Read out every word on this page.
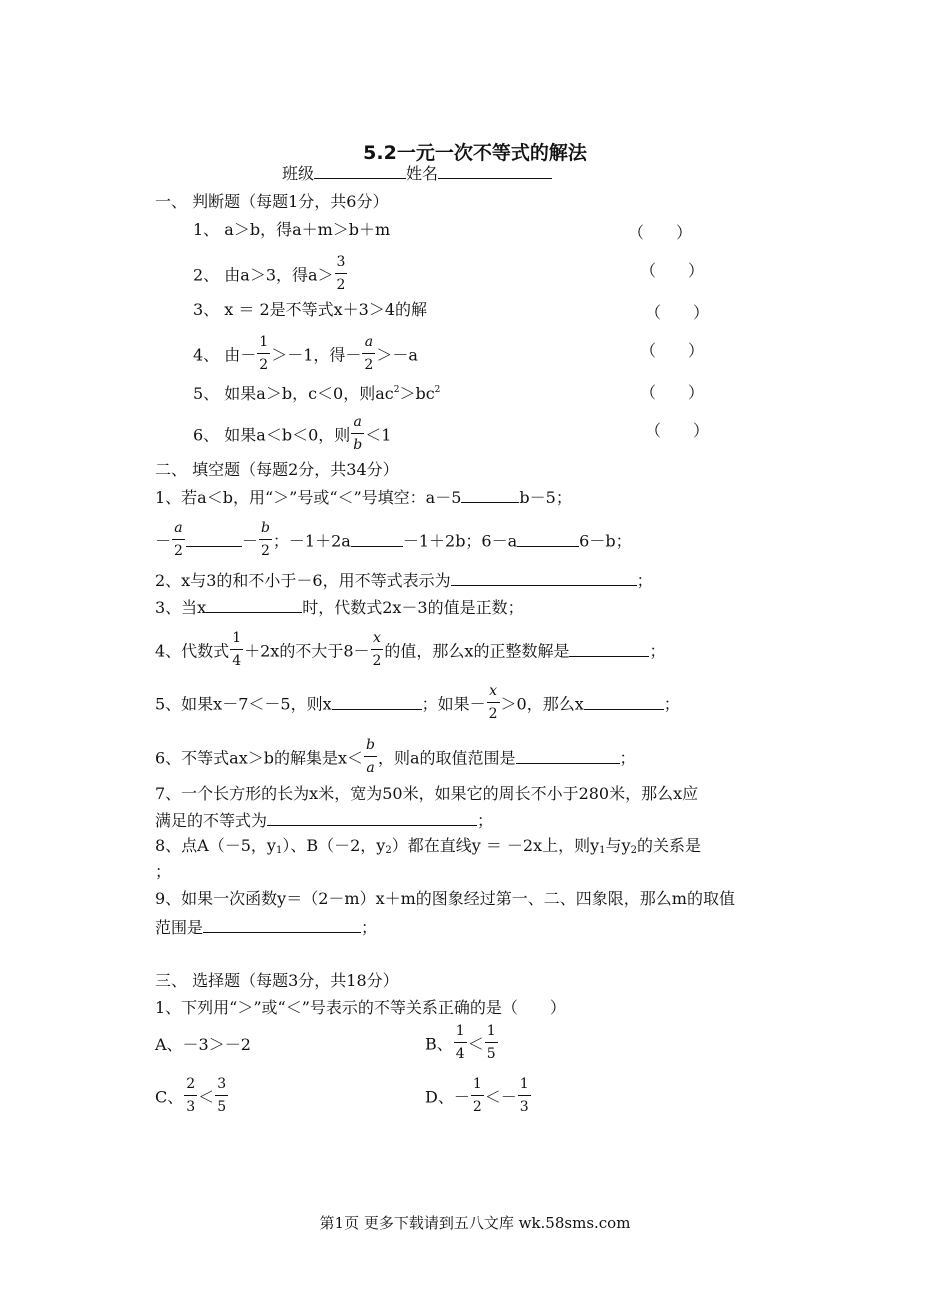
5.2一元一次不等式的解法
班级	姓名
一、 判断题（每题1分，共6分）
1、 a＞b，得a＋m＞b＋m	（　　）
2、 由a＞3，得$a> \frac{3}{2}$	（　　）
3、 x ＝ 2是不等式x＋3＞4的解	（　　）
4、 由－ $\frac{1}{2} >-1$，得－ $\frac{a}{2} >-a$	（　　）
5、 如果a＞b，c＜0，则$ac^2>bc^2$	（　　）
6、 如果a＜b＜0，则 $\frac{a}{b} <1$	（　　）
二、 填空题（每题2分，共34分）
1、若a＜b，用“＞”号或“＜”号填空：a－5	b－5；
－ $\frac{a}{2}$	－ $\frac{b}{2}$ ；－1＋2a	－1＋2b；6－a	6－b；
2、x与3的和不小于－6，用不等式表示为	；
3、当x	时，代数式2x－3的值是正数；
4、代数式 $\frac{1}{4} +2x$的不大于$8- \frac{x}{2}$ 的值，那么x的正整数解是	；
5、如果x－7＜－5，则x	；如果－ $\frac{x}{2} >0$，那么x	；
6、不等式ax＞b的解集是$x< \frac{b}{a}$ ，则a的取值范围是	；
7、一个长方形的长为x米，宽为50米，如果它的周长不小于280米，那么x应
满足的不等式为	；
8、点A（－5，$y_1$）、B（－2，$y_2$）都在直线y ＝ －2x上，则$y_1$与$y_2$的关系是
；
9、如果一次函数y＝（2－m）x＋m的图象经过第一、二、四象限，那么m的取值
范围是	；
三、 选择题（每题3分，共18分）
1、下列用“＞”或“＜”号表示的不等关系正确的是（　　）
A、－3＞－2	B、 $\frac{1}{4} < \frac{1}{5}$
C、 $\frac{2}{3} < \frac{3}{5}$	D、－ $\frac{1}{2} <- \frac{1}{3}$
第1页 更多下载请到五八文库 wk.58sms.com
